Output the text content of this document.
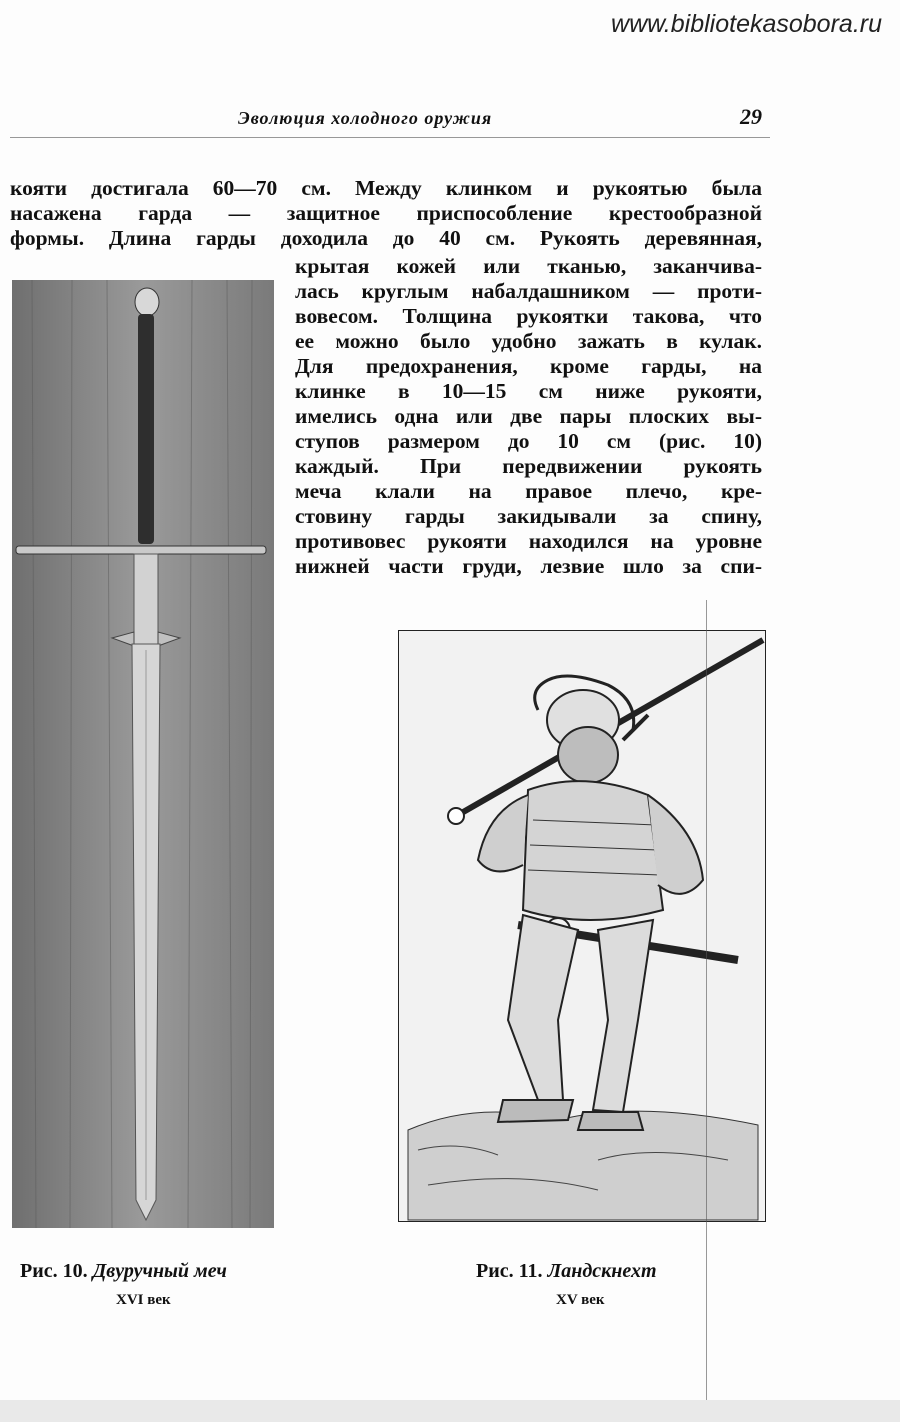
www.bibliotekasobora.ru
Эволюция холодного оружия	29
кояти достигала 60—70 см. Между клинком и рукоятью была
насажена гарда — защитное приспособление крестообразной
формы. Длина гарды доходила до 40 см. Рукоять деревянная,
крытая кожей или тканью, заканчива-
лась круглым набалдашником — проти-
вовесом. Толщина рукоятки такова, что
ее можно было удобно зажать в кулак.
Для предохранения, кроме гарды, на
клинке в 10—15 см ниже рукояти,
имелись одна или две пары плоских вы-
ступов размером до 10 см (рис. 10)
каждый. При передвижении рукоять
меча клали на правое плечо, кре-
стовину гарды закидывали за спину,
противовес рукояти находился на уровне
нижней части груди, лезвие шло за спи-
Рис. 10. Двуручный меч
XVI век
Рис. 11. Ландскнехт
XV век
